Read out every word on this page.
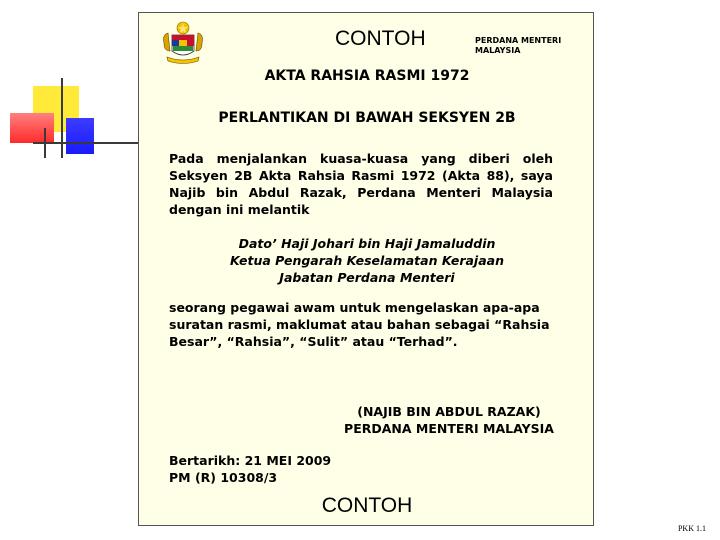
CONTOH	PERDANA MENTERI
MALAYSIA
AKTA RAHSIA RASMI 1972
PERLANTIKAN DI BAWAH SEKSYEN 2B
Pada menjalankan kuasa-kuasa yang diberi oleh Seksyen 2B Akta Rahsia Rasmi 1972 (Akta 88), saya Najib bin Abdul Razak, Perdana Menteri Malaysia dengan ini melantik
Dato’ Haji Johari bin Haji Jamaluddin
Ketua Pengarah Keselamatan Kerajaan
Jabatan Perdana Menteri
seorang pegawai awam untuk mengelaskan apa-apa suratan rasmi, maklumat atau bahan sebagai “Rahsia Besar”, “Rahsia”, “Sulit” atau “Terhad”.
(NAJIB BIN ABDUL RAZAK)
PERDANA MENTERI MALAYSIA
Bertarikh: 21 MEI 2009
PM (R) 10308/3
CONTOH
PKK 1.1
